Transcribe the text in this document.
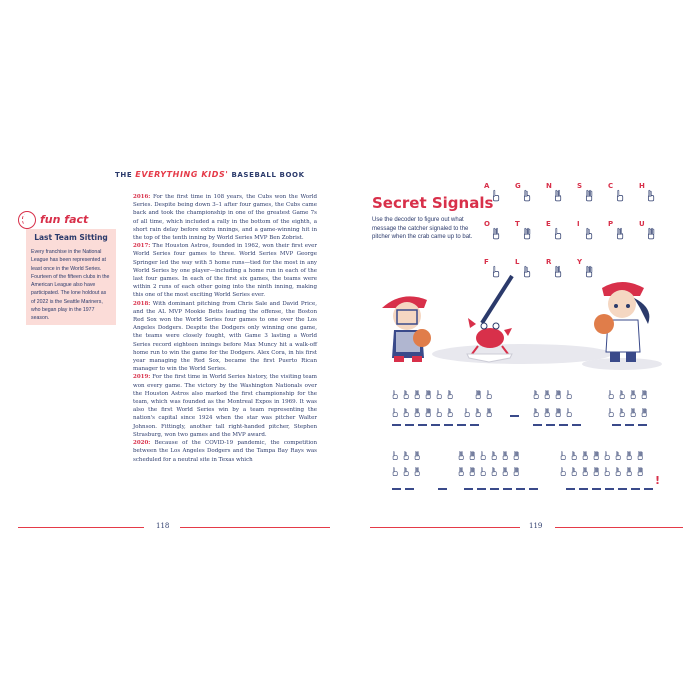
THE EVERYTHING KIDS' BASEBALL BOOK
fun fact
Last Team Sitting
Every franchise in the National League has been represented at least once in the World Series. Fourteen of the fifteen clubs in the American League also have participated. The lone holdout as of 2022 is the Seattle Mariners, who began play in the 1977 season.

2016: For the first time in 108 years, the Cubs won the World Series. Despite being down 3–1 after four games, the Cubs came back and took the championship in one of the greatest Game 7s of all time, which included a rally in the bottom of the eighth, a short rain delay before extra innings, and a game-winning hit in the top of the tenth inning by World Series MVP Ben Zobrist.

2017: The Houston Astros, founded in 1962, won their first ever World Series four games to three. World Series MVP George Springer led the way with 5 home runs—tied for the most in any World Series by one player—including a home run in each of the last four games. In each of the first six games, the teams were within 2 runs of each other going into the ninth inning, making this one of the most exciting World Series ever.

2018: With dominant pitching from Chris Sale and David Price, and the AL MVP Mookie Betts leading the offense, the Boston Red Sox won the World Series four games to one over the Los Angeles Dodgers. Despite the Dodgers only winning one game, the teams were closely fought, with Game 3 lasting a World Series record eighteen innings before Max Muncy hit a walk-off home run to win the game for the Dodgers. Alex Cora, in his first year managing the Red Sox, became the first Puerto Rican manager to win the World Series.

2019: For the first time in World Series history, the visiting team won every game. The victory by the Washington Nationals over the Houston Astros also marked the first championship for the team, which was founded as the Montreal Expos in 1969. It was also the first World Series win by a team representing the nation's capital since 1924 when the star was pitcher Walter Johnson. Fittingly, another tall right-handed pitcher, Stephen Strasburg, won two games and the MVP award.

2020: Because of the COVID-19 pandemic, the competition between the Los Angeles Dodgers and the Tampa Bay Rays was scheduled for a neutral site in Texas which

118	119
Secret Signals
Use the decoder to figure out what message the catcher signaled to the pitcher when the crab came up to bat.
A	G	N	S	C	H
O	T	E	I	P	U
F	L	R	Y
!
